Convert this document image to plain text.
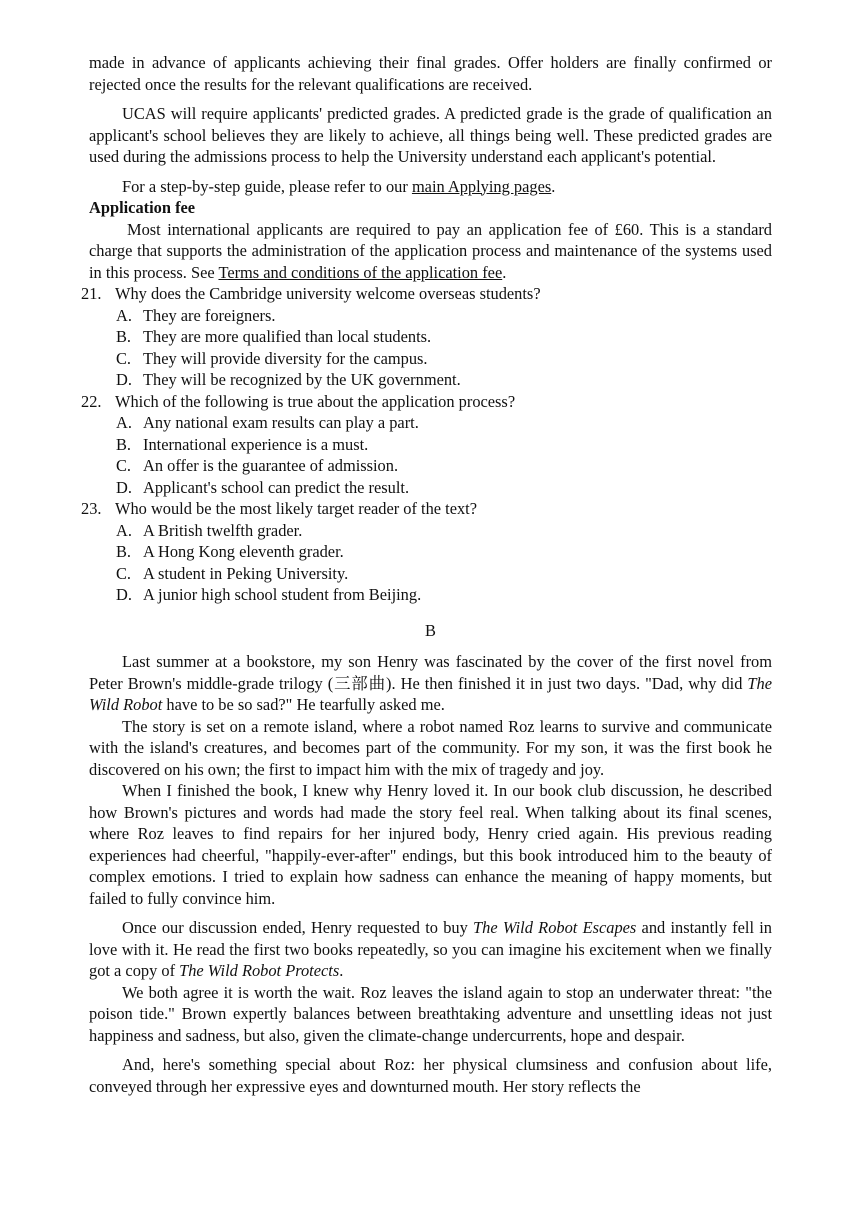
made in advance of applicants achieving their final grades. Offer holders are finally confirmed or rejected once the results for the relevant qualifications are received.

UCAS will require applicants' predicted grades. A predicted grade is the grade of qualification an applicant's school believes they are likely to achieve, all things being well. These predicted grades are used during the admissions process to help the University understand each applicant's potential.

For a step-by-step guide, please refer to our main Applying pages.

Application fee

Most international applicants are required to pay an application fee of £60. This is a standard charge that supports the administration of the application process and maintenance of the systems used in this process. See Terms and conditions of the application fee.

21. Why does the Cambridge university welcome overseas students?
A. They are foreigners.
B. They are more qualified than local students.
C. They will provide diversity for the campus.
D. They will be recognized by the UK government.
22. Which of the following is true about the application process?
A. Any national exam results can play a part.
B. International experience is a must.
C. An offer is the guarantee of admission.
D. Applicant's school can predict the result.
23. Who would be the most likely target reader of the text?
A. A British twelfth grader.
B. A Hong Kong eleventh grader.
C. A student in Peking University.
D. A junior high school student from Beijing.

B

Last summer at a bookstore, my son Henry was fascinated by the cover of the first novel from Peter Brown's middle-grade trilogy (三部曲). He then finished it in just two days. "Dad, why did The Wild Robot have to be so sad?" He tearfully asked me.

The story is set on a remote island, where a robot named Roz learns to survive and communicate with the island's creatures, and becomes part of the community. For my son, it was the first book he discovered on his own; the first to impact him with the mix of tragedy and joy.

When I finished the book, I knew why Henry loved it. In our book club discussion, he described how Brown's pictures and words had made the story feel real. When talking about its final scenes, where Roz leaves to find repairs for her injured body, Henry cried again. His previous reading experiences had cheerful, "happily-ever-after" endings, but this book introduced him to the beauty of complex emotions. I tried to explain how sadness can enhance the meaning of happy moments, but failed to fully convince him.

Once our discussion ended, Henry requested to buy The Wild Robot Escapes and instantly fell in love with it. He read the first two books repeatedly, so you can imagine his excitement when we finally got a copy of The Wild Robot Protects.

We both agree it is worth the wait. Roz leaves the island again to stop an underwater threat: "the poison tide." Brown expertly balances between breathtaking adventure and unsettling ideas not just happiness and sadness, but also, given the climate-change undercurrents, hope and despair.

And, here's something special about Roz: her physical clumsiness and confusion about life, conveyed through her expressive eyes and downturned mouth. Her story reflects the
